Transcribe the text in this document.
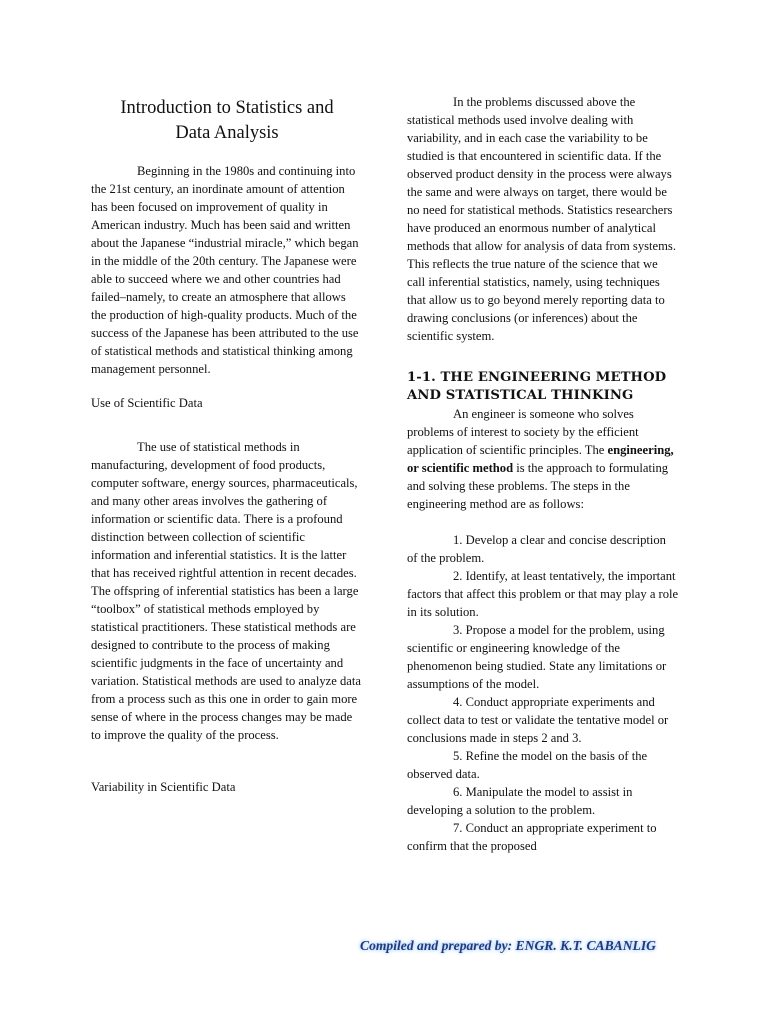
Introduction to Statistics and
Data Analysis

Beginning in the 1980s and continuing into the 21st century, an inordinate amount of attention has been focused on improvement of quality in American industry. Much has been said and written about the Japanese “industrial miracle,” which began in the middle of the 20th century. The Japanese were able to succeed where we and other countries had failed–namely, to create an atmosphere that allows the production of high-quality products. Much of the success of the Japanese has been attributed to the use of statistical methods and statistical thinking among management personnel.

Use of Scientific Data

The use of statistical methods in manufacturing, development of food products, computer software, energy sources, pharmaceuticals, and many other areas involves the gathering of information or scientific data. There is a profound distinction between collection of scientific information and inferential statistics. It is the latter that has received rightful attention in recent decades. The offspring of inferential statistics has been a large “toolbox” of statistical methods employed by statistical practitioners. These statistical methods are designed to contribute to the process of making scientific judgments in the face of uncertainty and variation. Statistical methods are used to analyze data from a process such as this one in order to gain more sense of where in the process changes may be made to improve the quality of the process.

Variability in Scientific Data

In the problems discussed above the statistical methods used involve dealing with variability, and in each case the variability to be studied is that encountered in scientific data. If the observed product density in the process were always the same and were always on target, there would be no need for statistical methods. Statistics researchers have produced an enormous number of analytical methods that allow for analysis of data from systems. This reflects the true nature of the science that we call inferential statistics, namely, using techniques that allow us to go beyond merely reporting data to drawing conclusions (or inferences) about the scientific system.

1-1. THE ENGINEERING METHOD AND STATISTICAL THINKING

An engineer is someone who solves problems of interest to society by the efficient application of scientific principles. The engineering, or scientific method is the approach to formulating and solving these problems. The steps in the engineering method are as follows:

1. Develop a clear and concise description of the problem.

2. Identify, at least tentatively, the important factors that affect this problem or that may play a role in its solution.

3. Propose a model for the problem, using scientific or engineering knowledge of the phenomenon being studied. State any limitations or assumptions of the model.

4. Conduct appropriate experiments and collect data to test or validate the tentative model or conclusions made in steps 2 and 3.

5. Refine the model on the basis of the observed data.

6. Manipulate the model to assist in developing a solution to the problem.

7. Conduct an appropriate experiment to confirm that the proposed

Compiled and prepared by: ENGR. K.T. CABANLIG
